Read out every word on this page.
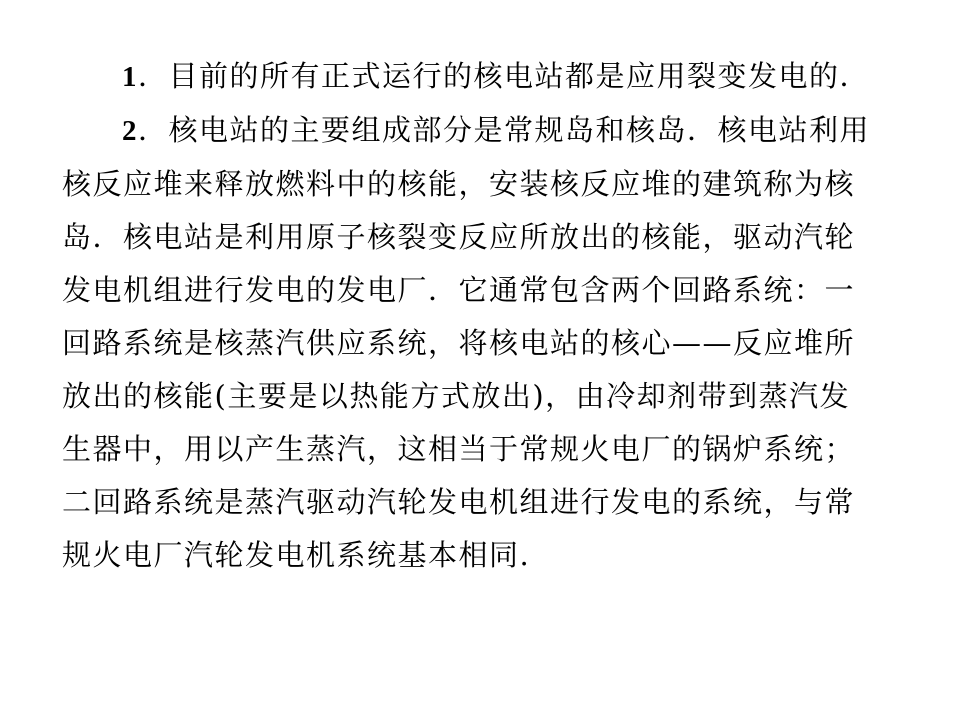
1．目前的所有正式运行的核电站都是应用裂变发电的．
2．核电站的主要组成部分是常规岛和核岛．核电站利用
核反应堆来释放燃料中的核能，安装核反应堆的建筑称为核
岛．核电站是利用原子核裂变反应所放出的核能，驱动汽轮
发电机组进行发电的发电厂．它通常包含两个回路系统：一
回路系统是核蒸汽供应系统，将核电站的核心——反应堆所
放出的核能(主要是以热能方式放出)，由冷却剂带到蒸汽发
生器中，用以产生蒸汽，这相当于常规火电厂的锅炉系统；
二回路系统是蒸汽驱动汽轮发电机组进行发电的系统，与常
规火电厂汽轮发电机系统基本相同.
